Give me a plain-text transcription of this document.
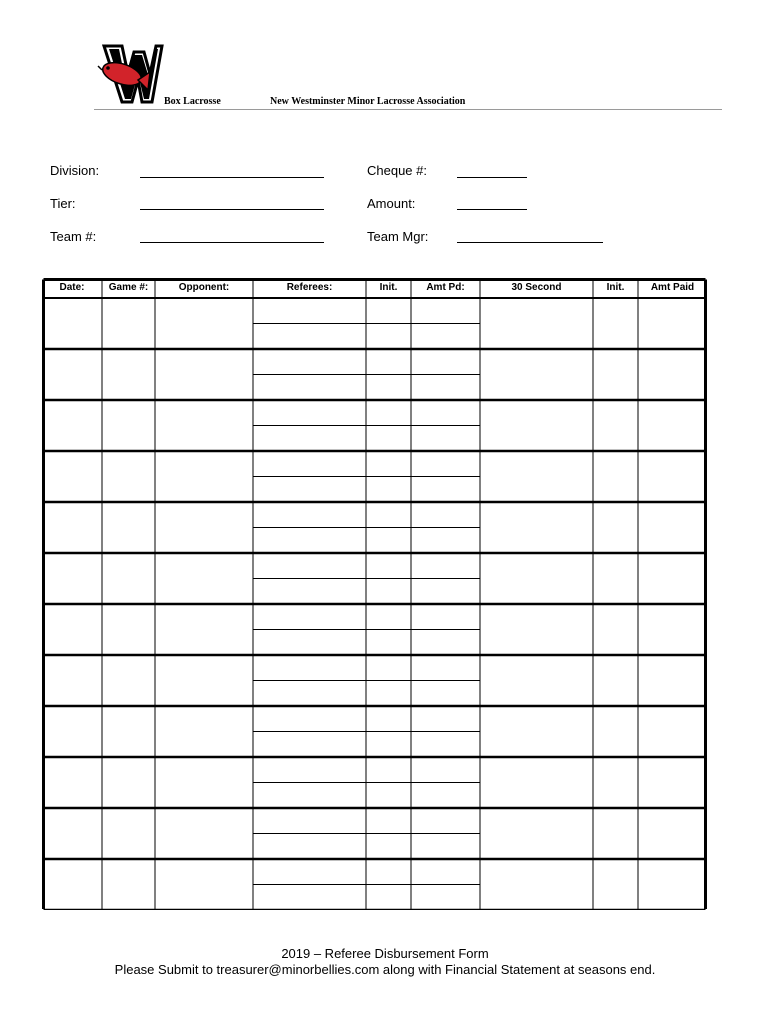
Box Lacrosse	New Westminster Minor Lacrosse Association
Division:
Tier:
Team #:
Cheque #:
Amount:
Team Mgr:
Date:	Game #:	Opponent:	Referees:	Init.	Amt Pd:	30 Second	Init.	Amt Paid
2019 – Referee Disbursement Form
Please Submit to treasurer@minorbellies.com along with Financial Statement at seasons end.
